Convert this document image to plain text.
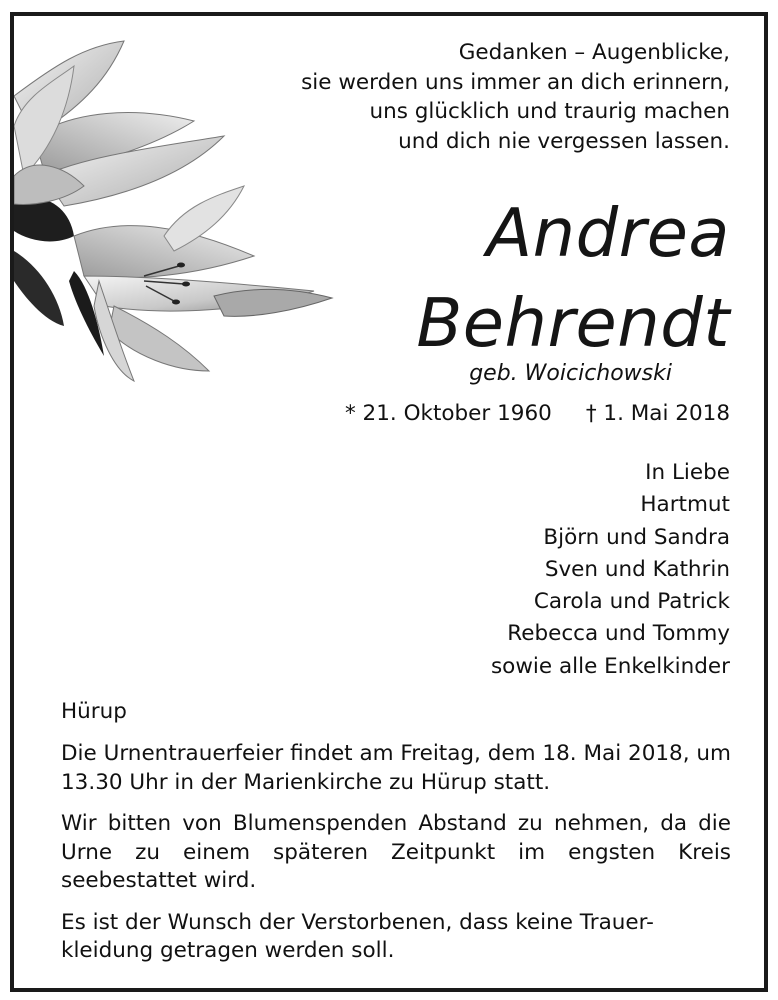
Gedanken – Augenblicke,
sie werden uns immer an dich erinnern,
uns glücklich und traurig machen
und dich nie vergessen lassen.
Andrea
Behrendt
geb. Woicichowski
* 21. Oktober 1960 † 1. Mai 2018
In Liebe
Hartmut
Björn und Sandra
Sven und Kathrin
Carola und Patrick
Rebecca und Tommy
sowie alle Enkelkinder
Hürup

Die Urnentrauerfeier findet am Freitag, dem 18. Mai 2018, um 13.30 Uhr in der Marienkirche zu Hürup statt.

Wir bitten von Blumenspenden Abstand zu nehmen, da die Urne zu einem späteren Zeitpunkt im engsten Kreis seebestattet wird.

Es ist der Wunsch der Verstorbenen, dass keine Trauer-kleidung getragen werden soll.
